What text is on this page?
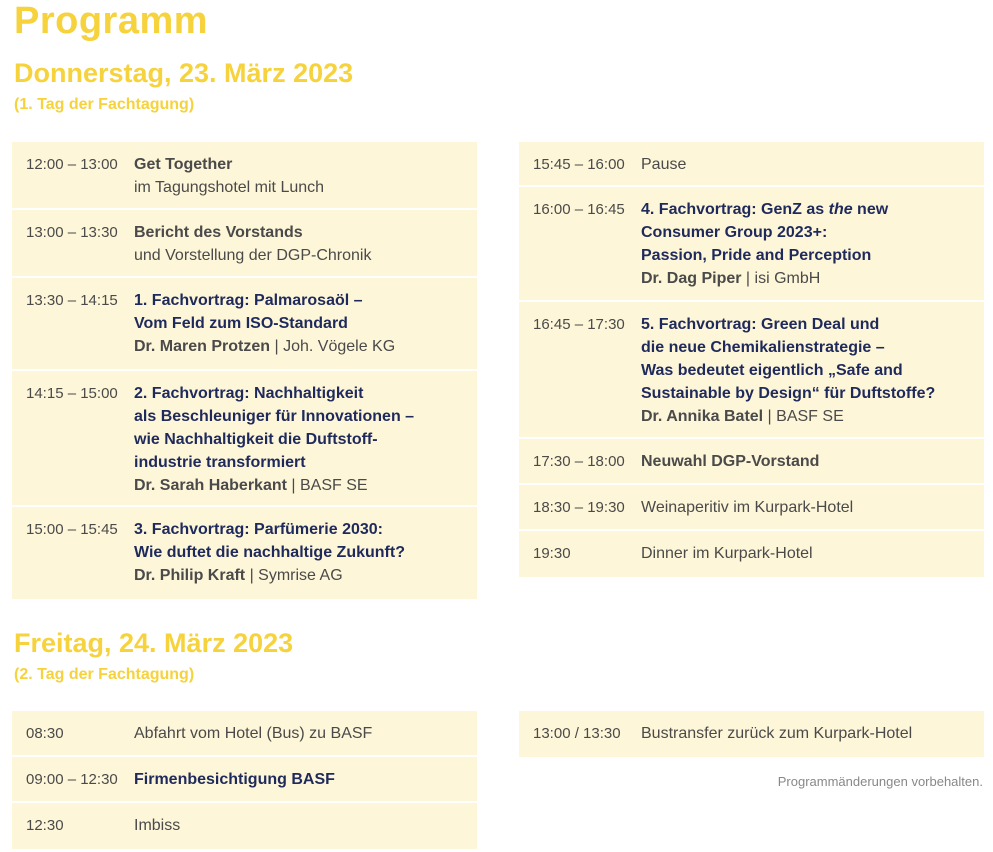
Programm
Donnerstag, 23. März 2023
(1. Tag der Fachtagung)
12:00 – 13:00 Get Together
im Tagungshotel mit Lunch
13:00 – 13:30 Bericht des Vorstands
und Vorstellung der DGP-Chronik
13:30 – 14:15 1. Fachvortrag: Palmarosaöl –
Vom Feld zum ISO-Standard
Dr. Maren Protzen | Joh. Vögele KG
14:15 – 15:00 2. Fachvortrag: Nachhaltigkeit
als Beschleuniger für Innovationen –
wie Nachhaltigkeit die Duftstoff-
industrie transformiert
Dr. Sarah Haberkant | BASF SE
15:00 – 15:45 3. Fachvortrag: Parfümerie 2030:
Wie duftet die nachhaltige Zukunft?
Dr. Philip Kraft | Symrise AG
15:45 – 16:00 Pause
16:00 – 16:45 4. Fachvortrag: GenZ as the new
Consumer Group 2023+:
Passion, Pride and Perception
Dr. Dag Piper | isi GmbH
16:45 – 17:30 5. Fachvortrag: Green Deal und
die neue Chemikalienstrategie –
Was bedeutet eigentlich „Safe and
Sustainable by Design“ für Duftstoffe?
Dr. Annika Batel | BASF SE
17:30 – 18:00 Neuwahl DGP-Vorstand
18:30 – 19:30 Weinaperitiv im Kurpark-Hotel
19:30	Dinner im Kurpark-Hotel
Freitag, 24. März 2023
(2. Tag der Fachtagung)
08:30	Abfahrt vom Hotel (Bus) zu BASF
09:00 – 12:30 Firmenbesichtigung BASF
12:30	Imbiss
13:00 / 13:30 Bustransfer zurück zum Kurpark-Hotel
Programmänderungen vorbehalten.
